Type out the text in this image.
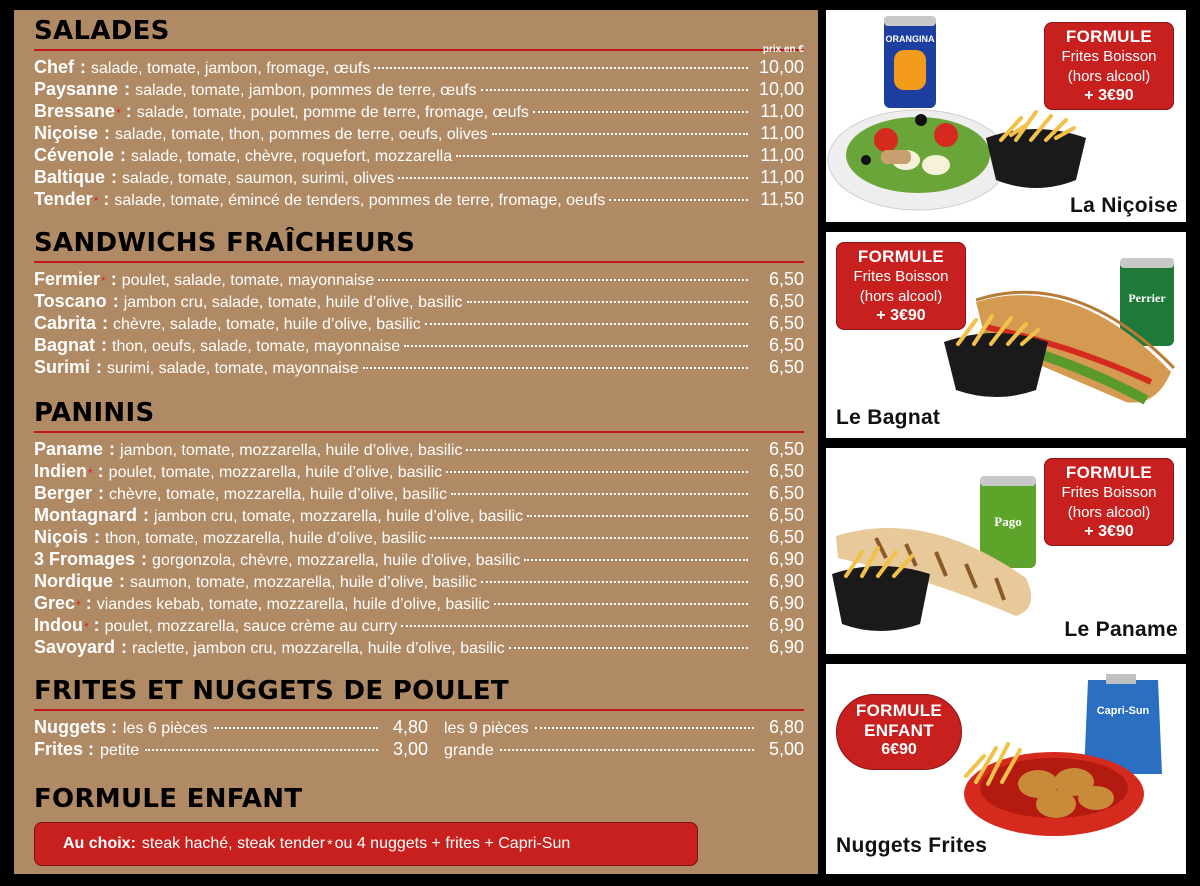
SALADES
prix en €
Chef : salade, tomate, jambon, fromage, œufs	10,00
Paysanne : salade, tomate, jambon, pommes de terre, œufs	10,00
Bressane * : salade, tomate, poulet, pomme de terre, fromage, œufs	11,00
Niçoise : salade, tomate, thon, pommes de terre, oeufs, olives	11,00
Cévenole : salade, tomate, chèvre, roquefort, mozzarella	11,00
Baltique : salade, tomate, saumon, surimi, olives	11,00
Tender * : salade, tomate, émincé de tenders, pommes de terre, fromage, oeufs	11,50
SANDWICHS FRAÎCHEURS
Fermier * : poulet, salade, tomate, mayonnaise	6,50
Toscano : jambon cru, salade, tomate, huile d’olive, basilic	6,50
Cabrita : chèvre, salade, tomate, huile d’olive, basilic	6,50
Bagnat : thon, oeufs, salade, tomate, mayonnaise	6,50
Surimi : surimi, salade, tomate, mayonnaise	6,50
PANINIS
Paname : jambon, tomate, mozzarella, huile d’olive, basilic	6,50
Indien * : poulet, tomate, mozzarella, huile d’olive, basilic	6,50
Berger : chèvre, tomate, mozzarella, huile d’olive, basilic	6,50
Montagnard : jambon cru, tomate, mozzarella, huile d’olive, basilic	6,50
Niçois : thon, tomate, mozzarella, huile d’olive, basilic	6,50
3 Fromages : gorgonzola, chèvre, mozzarella, huile d’olive, basilic	6,90
Nordique : saumon, tomate, mozzarella, huile d’olive, basilic	6,90
Grec * : viandes kebab, tomate, mozzarella, huile d’olive, basilic	6,90
Indou * : poulet, mozzarella, sauce crème au curry	6,90
Savoyard : raclette, jambon cru, mozzarella, huile d’olive, basilic	6,90
FRITES ET NUGGETS DE POULET
Nuggets : les 6 pièces	4,80 les 9 pièces	6,80
Frites : petite	3,00 grande	5,00
FORMULE ENFANT
Au choix: steak haché, steak tender * ou 4 nuggets + frites + Capri-Sun
ORANGINA	FORMULE
Frites Boisson
(hors alcool)
+ 3€90
La Niçoise
Perrier
FORMULE
Frites Boisson
(hors alcool)
+ 3€90
Le Bagnat
Pago
FORMULE
Frites Boisson
(hors alcool)
+ 3€90
Le Paname
Capri-Sun
FORMULE
ENFANT
6€90
Nuggets Frites
